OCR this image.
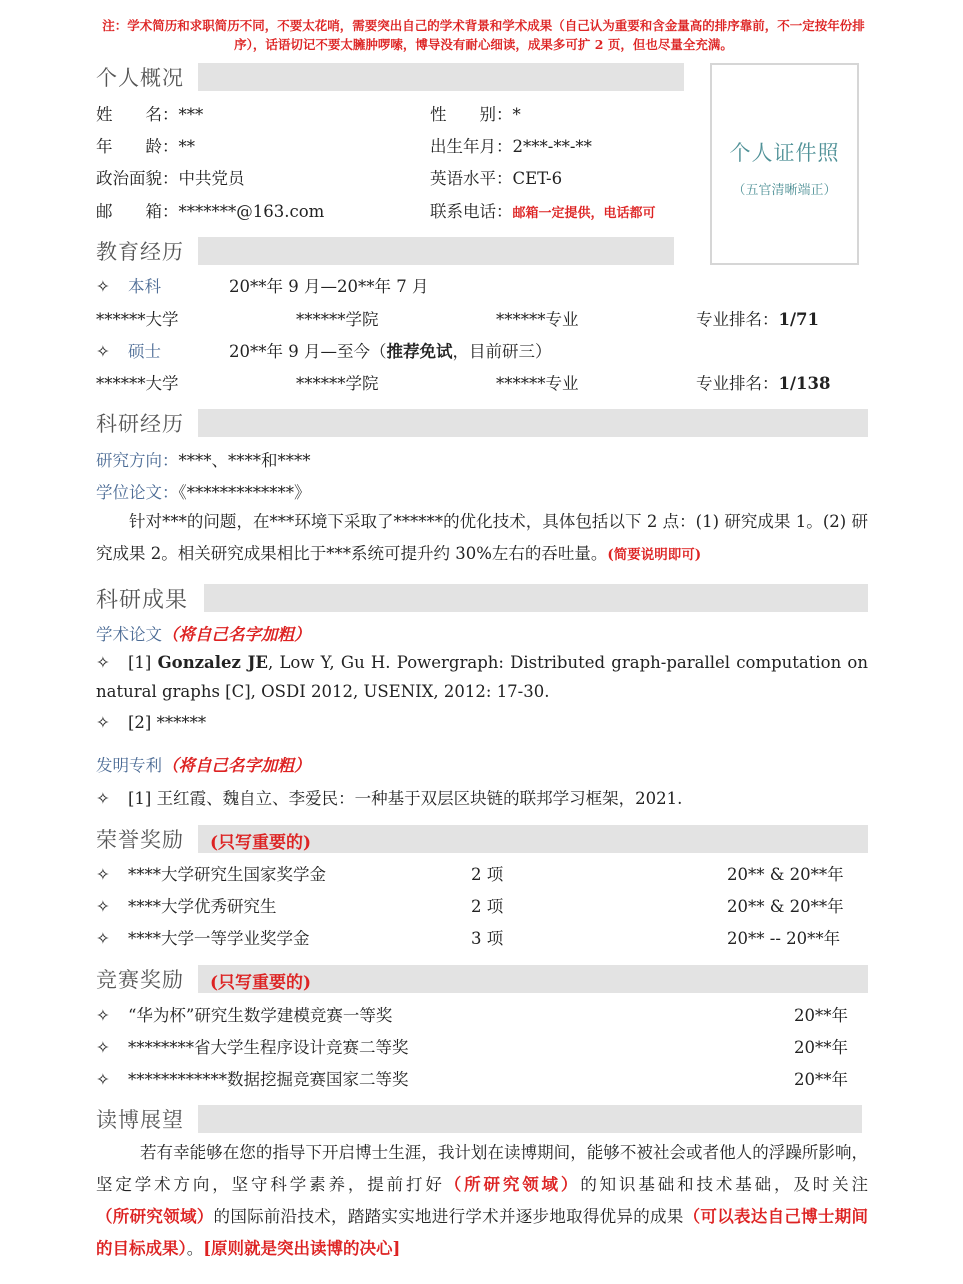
注：学术简历和求职简历不同，不要太花哨，需要突出自己的学术背景和学术成果（自己认为重要和含金量高的排序靠前，不一定按年份排序），话语切记不要太臃肿啰嗦，博导没有耐心细读，成果多可扩 2 页，但也尽量全充满。
个人概况
姓　　名：***	性　　别：*
年　　龄：**	出生年月：2***-**-**
政治面貌：中共党员	英语水平：CET-6
邮　　箱：*******@163.com	联系电话：邮箱一定提供，电话都可
个人证件照
（五官清晰端正）
教育经历
✧ 本科	20**年 9 月—20**年 7 月
******大学	******学院	******专业	专业排名：1/71
✧ 硕士	20**年 9 月—至今（推荐免试，目前研三）
******大学	******学院	******专业	专业排名：1/138
科研经历
研究方向：****、****和****
学位论文：《*************》
针对***的问题，在***环境下采取了******的优化技术，具体包括以下 2 点：(1) 研究成果 1。(2) 研究成果 2。相关研究成果相比于***系统可提升约 30%左右的吞吐量。(简要说明即可)
科研成果
学术论文（将自己名字加粗）
✧ [1] Gonzalez JE, Low Y, Gu H. Powergraph: Distributed graph-parallel computation on natural graphs [C], OSDI 2012, USENIX, 2012: 17-30.
✧ [2] ******
发明专利（将自己名字加粗）
✧ [1] 王红霞、魏自立、李爱民：一种基于双层区块链的联邦学习框架，2021.
荣誉奖励 (只写重要的)
✧ ****大学研究生国家奖学金	2 项	20** & 20**年
✧ ****大学优秀研究生	2 项	20** & 20**年
✧ ****大学一等学业奖学金	3 项	20** -- 20**年
竞赛奖励 (只写重要的)
✧ “华为杯”研究生数学建模竞赛一等奖	20**年
✧ ********省大学生程序设计竞赛二等奖	20**年
✧ ************数据挖掘竞赛国家二等奖	20**年
读博展望
若有幸能够在您的指导下开启博士生涯，我计划在读博期间，能够不被社会或者他人的浮躁所影响，坚定学术方向，坚守科学素养，提前打好（所研究领域）的知识基础和技术基础，及时关注（所研究领域）的国际前沿技术，踏踏实实地进行学术并逐步地取得优异的成果（可以表达自己博士期间的目标成果）。[原则就是突出读博的决心]
